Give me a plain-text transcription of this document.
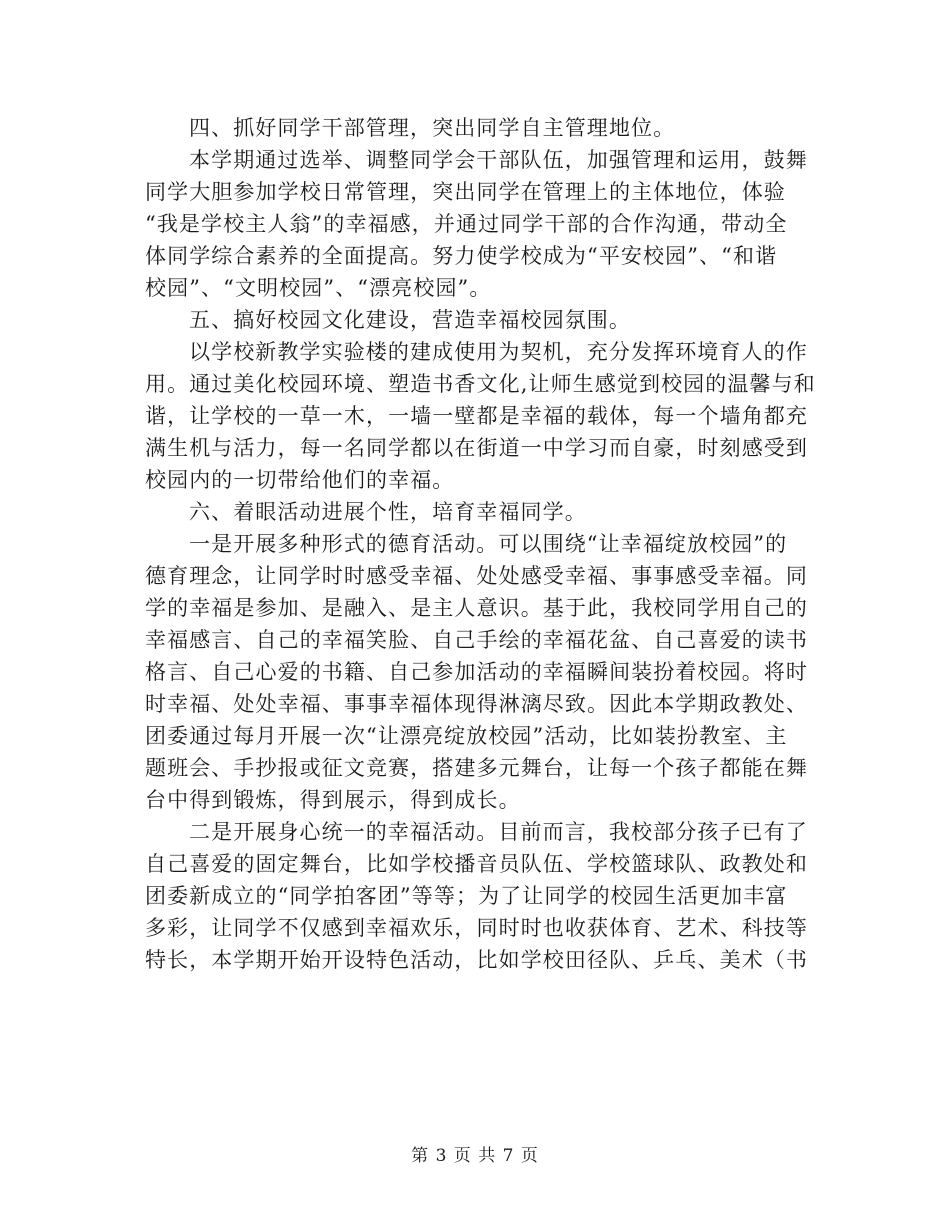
四、抓好同学干部管理，突出同学自主管理地位。
本学期通过选举、调整同学会干部队伍，加强管理和运用，鼓舞
同学大胆参加学校日常管理，突出同学在管理上的主体地位，体验
“我是学校主人翁”的幸福感，并通过同学干部的合作沟通，带动全
体同学综合素养的全面提高。努力使学校成为“平安校园”、“和谐
校园”、“文明校园”、“漂亮校园”。
五、搞好校园文化建设，营造幸福校园氛围。
以学校新教学实验楼的建成使用为契机，充分发挥环境育人的作
用。通过美化校园环境、塑造书香文化,让师生感觉到校园的温馨与和
谐，让学校的一草一木，一墙一壁都是幸福的载体，每一个墙角都充
满生机与活力，每一名同学都以在街道一中学习而自豪，时刻感受到
校园内的一切带给他们的幸福。
六、着眼活动进展个性，培育幸福同学。
一是开展多种形式的德育活动。可以围绕“让幸福绽放校园”的
德育理念，让同学时时感受幸福、处处感受幸福、事事感受幸福。同
学的幸福是参加、是融入、是主人意识。基于此，我校同学用自己的
幸福感言、自己的幸福笑脸、自己手绘的幸福花盆、自己喜爱的读书
格言、自己心爱的书籍、自己参加活动的幸福瞬间装扮着校园。将时
时幸福、处处幸福、事事幸福体现得淋漓尽致。因此本学期政教处、
团委通过每月开展一次“让漂亮绽放校园”活动，比如装扮教室、主
题班会、手抄报或征文竞赛，搭建多元舞台，让每一个孩子都能在舞
台中得到锻炼，得到展示，得到成长。
二是开展身心统一的幸福活动。目前而言，我校部分孩子已有了
自己喜爱的固定舞台，比如学校播音员队伍、学校篮球队、政教处和
团委新成立的“同学拍客团”等等；为了让同学的校园生活更加丰富
多彩，让同学不仅感到幸福欢乐，同时时也收获体育、艺术、科技等
特长，本学期开始开设特色活动，比如学校田径队、乒乓、美术（书
第 3 页 共 7 页
